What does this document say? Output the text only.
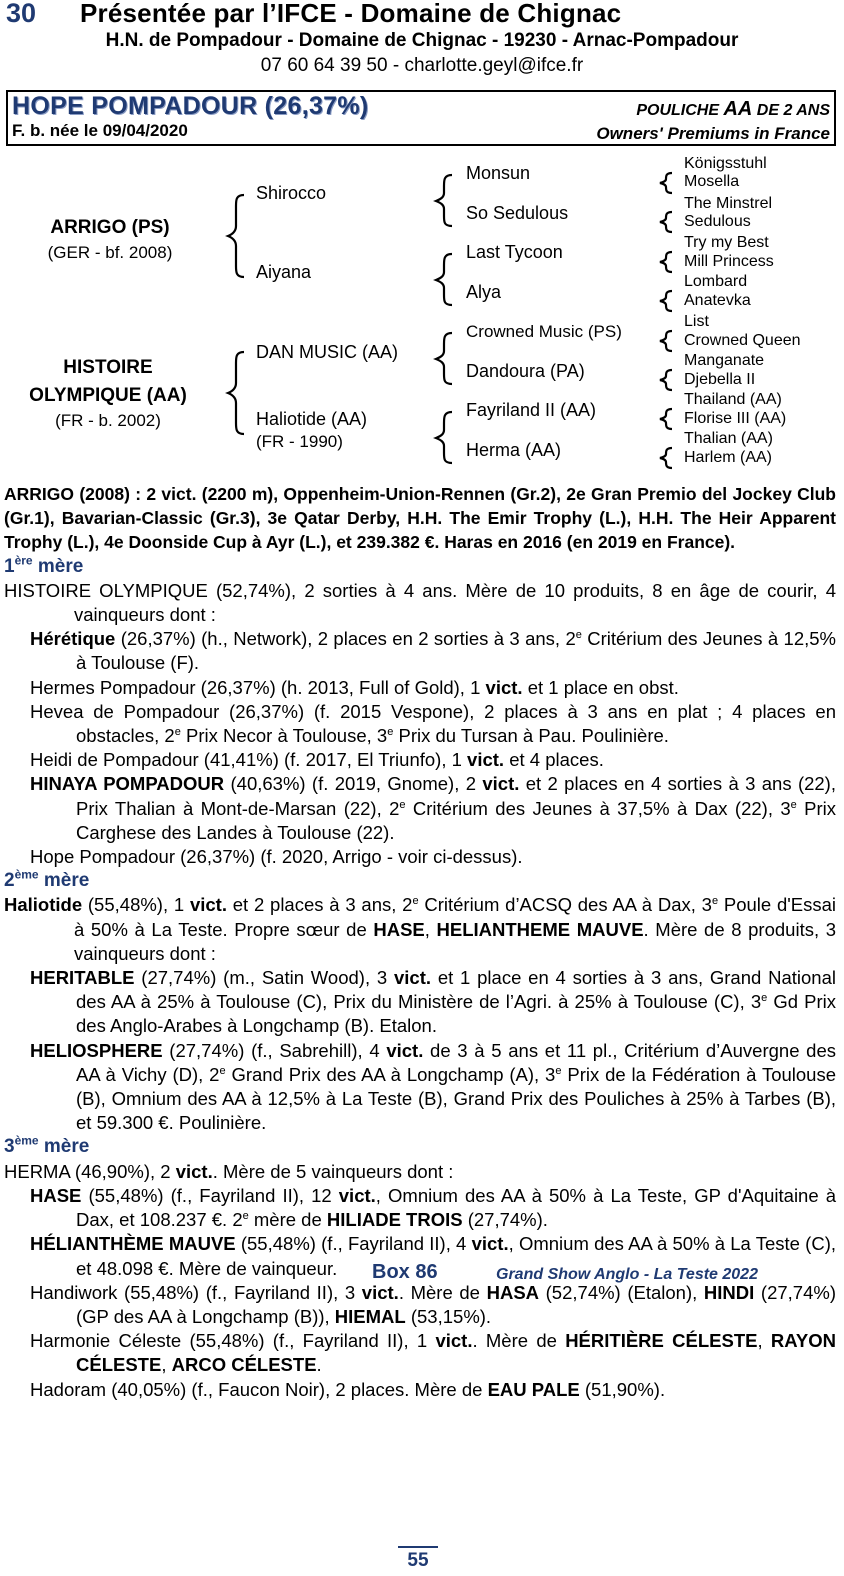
30 Présentée par l’IFCE - Domaine de Chignac
H.N. de Pompadour - Domaine de Chignac - 19230 - Arnac-Pompadour
07 60 64 39 50 - charlotte.geyl@ifce.fr
HOPE POMPADOUR (26,37%)
F. b. née le 09/04/2020
POULICHE AA DE 2 ANS
Owners' Premiums in France
ARRIGO (PS)
(GER - bf. 2008)
HISTOIRE
OLYMPIQUE (AA)
(FR - b. 2002)
Shirocco
Aiyana
DAN MUSIC (AA)
Haliotide (AA)
(FR - 1990)
Monsun
So Sedulous
Last Tycoon
Alya
Crowned Music (PS)
Dandoura (PA)
Fayriland II (AA)
Herma (AA)
Königsstuhl
Mosella
The Minstrel
Sedulous
Try my Best
Mill Princess
Lombard
Anatevka
List
Crowned Queen
Manganate
Djebella II
Thailand (AA)
Florise III (AA)
Thalian (AA)
Harlem (AA)

ARRIGO (2008) : 2 vict. (2200 m), Oppenheim-Union-Rennen (Gr.2), 2e Gran Premio del Jockey Club (Gr.1), Bavarian-Classic (Gr.3), 3e Qatar Derby, H.H. The Emir Trophy (L.), H.H. The Heir Apparent Trophy (L.), 4e Doonside Cup à Ayr (L.), et 239.382 €. Haras en 2016 (en 2019 en France).

1ère mère

HISTOIRE OLYMPIQUE (52,74%), 2 sorties à 4 ans. Mère de 10 produits, 8 en âge de courir, 4 vainqueurs dont :

Hérétique (26,37%) (h., Network), 2 places en 2 sorties à 3 ans, 2e Critérium des Jeunes à 12,5% à Toulouse (F).

Hermes Pompadour (26,37%) (h. 2013, Full of Gold), 1 vict. et 1 place en obst.

Hevea de Pompadour (26,37%) (f. 2015 Vespone), 2 places à 3 ans en plat ; 4 places en obstacles, 2e Prix Necor à Toulouse, 3e Prix du Tursan à Pau. Poulinière.

Heidi de Pompadour (41,41%) (f. 2017, El Triunfo), 1 vict. et 4 places.

HINAYA POMPADOUR (40,63%) (f. 2019, Gnome), 2 vict. et 2 places en 4 sorties à 3 ans (22), Prix Thalian à Mont-de-Marsan (22), 2e Critérium des Jeunes à 37,5% à Dax (22), 3e Prix Carghese des Landes à Toulouse (22).

Hope Pompadour (26,37%) (f. 2020, Arrigo - voir ci-dessus).

2ème mère

Haliotide (55,48%), 1 vict. et 2 places à 3 ans, 2e Critérium d’ACSQ des AA à Dax, 3e Poule d'Essai à 50% à La Teste. Propre sœur de HASE, HELIANTHEME MAUVE. Mère de 8 produits, 3 vainqueurs dont :

HERITABLE (27,74%) (m., Satin Wood), 3 vict. et 1 place en 4 sorties à 3 ans, Grand National des AA à 25% à Toulouse (C), Prix du Ministère de l’Agri. à 25% à Toulouse (C), 3e Gd Prix des Anglo-Arabes à Longchamp (B). Etalon.

HELIOSPHERE (27,74%) (f., Sabrehill), 4 vict. de 3 à 5 ans et 11 pl., Critérium d’Auvergne des AA à Vichy (D), 2e Grand Prix des AA à Longchamp (A), 3e Prix de la Fédération à Toulouse (B), Omnium des AA à 12,5% à La Teste (B), Grand Prix des Pouliches à 25% à Tarbes (B), et 59.300 €. Poulinière.

3ème mère

HERMA (46,90%), 2 vict.. Mère de 5 vainqueurs dont :

HASE (55,48%) (f., Fayriland II), 12 vict., Omnium des AA à 50% à La Teste, GP d'Aquitaine à Dax, et 108.237 €. 2e mère de HILIADE TROIS (27,74%).

HÉLIANTHÈME MAUVE (55,48%) (f., Fayriland II), 4 vict., Omnium des AA à 50% à La Teste (C), et 48.098 €. Mère de vainqueur.

Handiwork (55,48%) (f., Fayriland II), 3 vict.. Mère de HASA (52,74%) (Etalon), HINDI (27,74%) (GP des AA à Longchamp (B)), HIEMAL (53,15%).

Harmonie Céleste (55,48%) (f., Fayriland II), 1 vict.. Mère de HÉRITIÈRE CÉLESTE, RAYON CÉLESTE, ARCO CÉLESTE.

Hadoram (40,05%) (f., Faucon Noir), 2 places. Mère de EAU PALE (51,90%).

Box 86	Grand Show Anglo - La Teste 2022
55
